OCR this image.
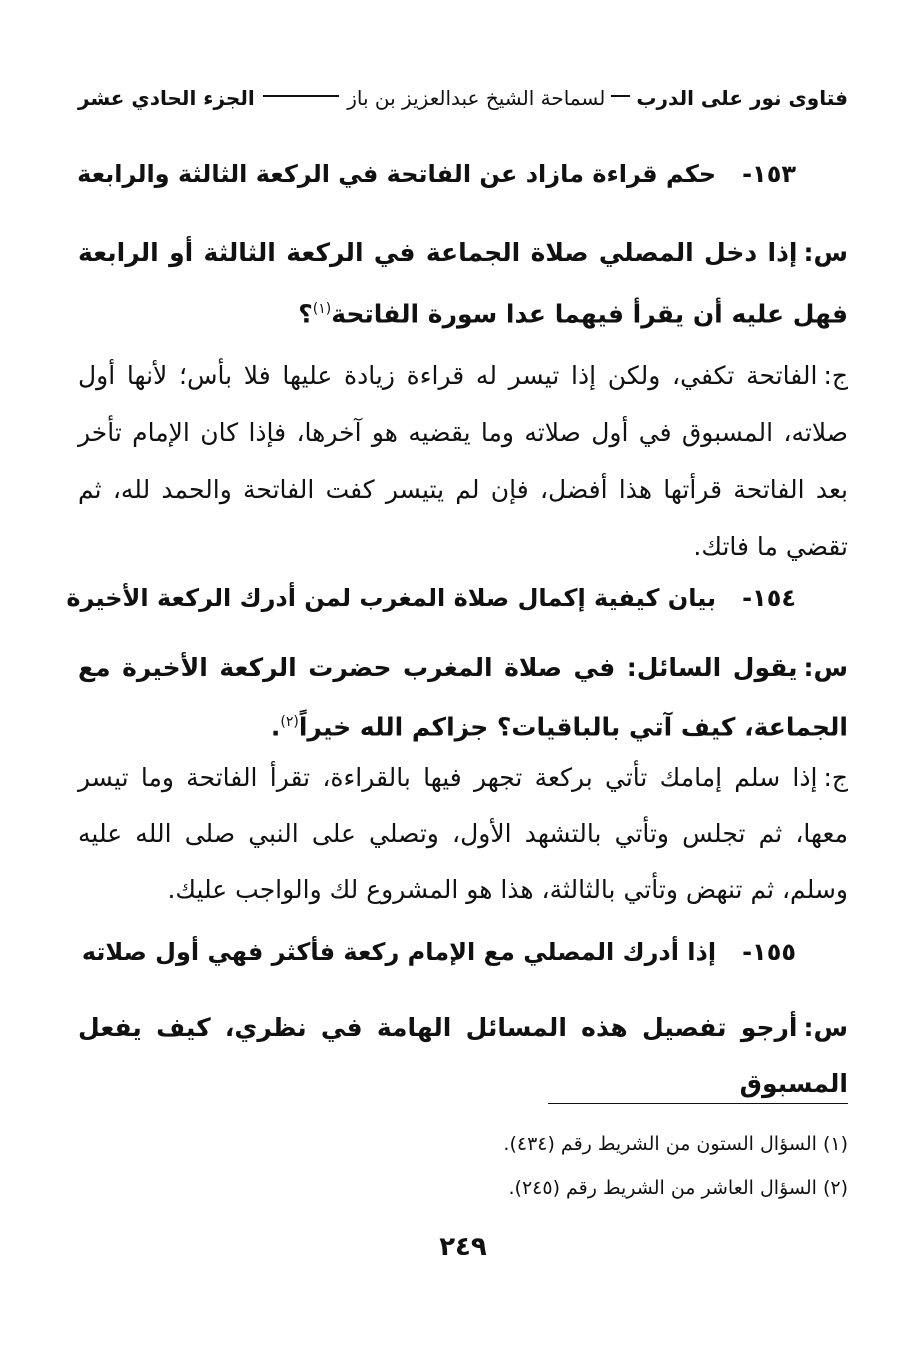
فتاوى نور على الدرب
لسماحة الشيخ عبدالعزيز بن باز
الجزء الحادي عشر
١٥٣-حكم قراءة مازاد عن الفاتحة في الركعة الثالثة والرابعة
س:إذا دخل المصلي صلاة الجماعة في الركعة الثالثة أو الرابعة فهل عليه أن يقرأ فيهما عدا سورة الفاتحة$^{(١)}$؟
ج:الفاتحة تكفي، ولكن إذا تيسر له قراءة زيادة عليها فلا بأس؛ لأنها أول صلاته، المسبوق في أول صلاته وما يقضيه هو آخرها، فإذا كان الإمام تأخر بعد الفاتحة قرأتها هذا أفضل، فإن لم يتيسر كفت الفاتحة والحمد لله، ثم تقضي ما فاتك.
١٥٤-بيان كيفية إكمال صلاة المغرب لمن أدرك الركعة الأخيرة
س:يقول السائل: في صلاة المغرب حضرت الركعة الأخيرة مع الجماعة، كيف آتي بالباقيات؟ جزاكم الله خيراً$^{(٢)}$.
ج:إذا سلم إمامك تأتي بركعة تجهر فيها بالقراءة، تقرأ الفاتحة وما تيسر معها، ثم تجلس وتأتي بالتشهد الأول، وتصلي على النبي صلى الله عليه وسلم، ثم تنهض وتأتي بالثالثة، هذا هو المشروع لك والواجب عليك.
١٥٥-إذا أدرك المصلي مع الإمام ركعة فأكثر فهي أول صلاته
س:أرجو تفصيل هذه المسائل الهامة في نظري، كيف يفعل المسبوق
(١) السؤال الستون من الشريط رقم (٤٣٤).
(٢) السؤال العاشر من الشريط رقم (٢٤٥).
٢٤٩
